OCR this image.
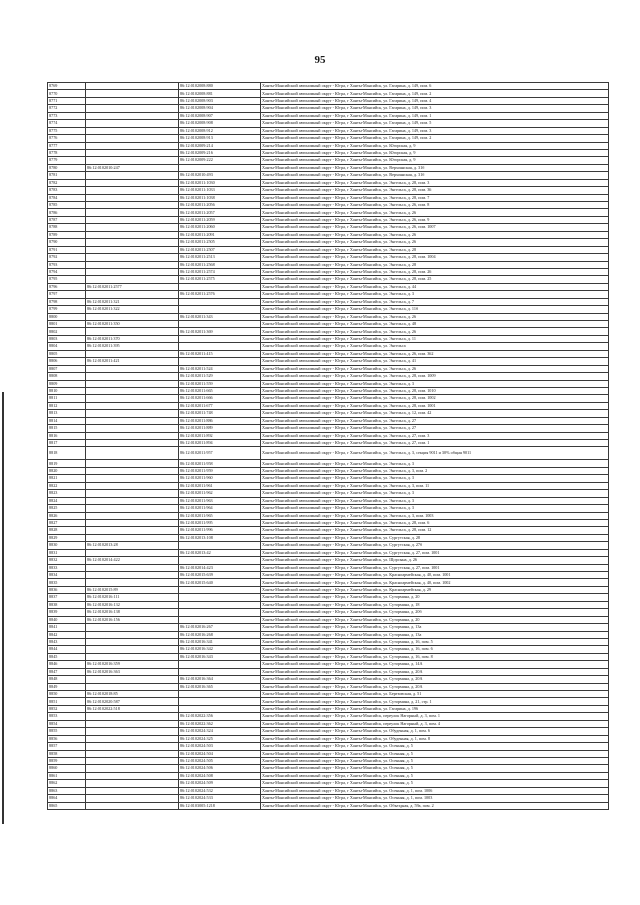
95
8769		86:12:0102008:880	Ханты-Мансийский автономный округ - Югра, г Ханты-Мансийск, ул. Гагарина, д. 149, пом. 6
8770		86:12:0102008:881	Ханты-Мансийский автономный округ - Югра, г Ханты-Мансийск, ул. Гагарина, д. 149, пом. 2
8771		86:12:0102008:903	Ханты-Мансийский автономный округ - Югра, г Ханты-Мансийск, ул. Гагарина, д. 149, пом. 4
8772		86:12:0102008:904	Ханты-Мансийский автономный округ - Югра, г Ханты-Мансийск, ул. Гагарина, д. 149, пом. 3
8773		86:12:0102008:907	Ханты-Мансийский автономный округ - Югра, г Ханты-Мансийск, ул. Гагарина, д. 149, пом. 1
8774		86:12:0102008:908	Ханты-Мансийский автономный округ - Югра, г Ханты-Мансийск, ул. Гагарина, д. 149, пом. 5
8775		86:12:0102008:912	Ханты-Мансийский автономный округ - Югра, г Ханты-Мансийск, ул. Гагарина, д. 149, пом. 3
8776		86:12:0102008:913	Ханты-Мансийский автономный округ - Югра, г Ханты-Мансийск, ул. Гагарина, д. 149, пом. 2
8777		86:12:0102009:214	Ханты-Мансийский автономный округ - Югра, г Ханты-Мансийск, ул. Югорская, д. 9
8778		86:12:0102009:216	Ханты-Мансийский автономный округ - Югра, г Ханты-Мансийск, ул. Югорская, д. 9
8779		86:12:0102009:222	Ханты-Мансийский автономный округ - Югра, г Ханты-Мансийск, ул. Югорская, д. 9
8780	86:12:0102010:247		Ханты-Мансийский автономный округ - Югра, г Ханты-Мансийск, ул. Верхоянская, д. 31б
8781		86:12:0102010:493	Ханты-Мансийский автономный округ - Югра, г Ханты-Мансийск, ул. Верхоянская, д. 31б
8782		86:12:0102011:1030	Ханты-Мансийский автономный округ - Югра, г Ханты-Мансийск, ул. Энгельса, д. 28, пом. 3
8783		86:12:0102011:1033	Ханты-Мансийский автономный округ - Югра, г Ханты-Мансийск, ул. Энгельса, д. 28, пом. 36
8784		86:12:0102011:1038	Ханты-Мансийский автономный округ - Югра, г Ханты-Мансийск, ул. Энгельса, д. 28, пом. 7
8785		86:12:0102011:2056	Ханты-Мансийский автономный округ - Югра, г Ханты-Мансийск, ул. Энгельса, д. 26, пом. 8
8786		86:12:0102011:2057	Ханты-Мансийский автономный округ - Югра, г Ханты-Мансийск, ул. Энгельса, д. 26
8787		86:12:0102011:2059	Ханты-Мансийский автономный округ - Югра, г Ханты-Мансийск, ул. Энгельса, д. 26, пом. 9
8788		86:12:0102011:2060	Ханты-Мансийский автономный округ - Югра, г Ханты-Мансийск, ул. Энгельса, д. 26, пом. 1007
8789		86:12:0102011:2091	Ханты-Мансийский автономный округ - Югра, г Ханты-Мансийск, ул. Энгельса, д. 26
8790		86:12:0102011:2505	Ханты-Мансийский автономный округ - Югра, г Ханты-Мансийск, ул. Энгельса, д. 26
8791		86:12:0102011:2507	Ханты-Мансийский автономный округ - Югра, г Ханты-Мансийск, ул. Энгельса, д. 28
8792		86:12:0102011:2513	Ханты-Мансийский автономный округ - Югра, г Ханты-Мансийск, ул. Энгельса, д. 28, пом. 1004
8793		86:12:0102011:2568	Ханты-Мансийский автономный округ - Югра, г Ханты-Мансийск, ул. Энгельса, д. 28
8794		86:12:0102011:2574	Ханты-Мансийский автономный округ - Югра, г Ханты-Мансийск, ул. Энгельса, д. 28, пом. 26
8795		86:12:0102011:2575	Ханты-Мансийский автономный округ - Югра, г Ханты-Мансийск, ул. Энгельса, д. 28, пом. 25
8796	86:12:0102011:2577		Ханты-Мансийский автономный округ - Югра, г Ханты-Мансийск, ул. Энгельса, д. 44
8797		86:12:0102011:2576	Ханты-Мансийский автономный округ - Югра, г Ханты-Мансийск, ул. Энгельса, д. 3
8798	86:12:0102011:321		Ханты-Мансийский автономный округ - Югра, г Ханты-Мансийск, ул. Энгельса, д. 7
8799	86:12:0102011:322		Ханты-Мансийский автономный округ - Югра, г Ханты-Мансийск, ул. Энгельса, д. 11б
8800		86:12:0102011:343	Ханты-Мансийский автономный округ - Югра, г Ханты-Мансийск, ул. Энгельса, д. 26
8801	86:12:0102011:350		Ханты-Мансийский автономный округ - Югра, г Ханты-Мансийск, ул. Энгельса, д. 48
8802		86:12:0102011:369	Ханты-Мансийский автономный округ - Югра, г Ханты-Мансийск, ул. Энгельса, д. 26
8803	86:12:0102011:370		Ханты-Мансийский автономный округ - Югра, г Ханты-Мансийск, ул. Энгельса, д. 11
8804	86:12:0102011:395		Ханты-Мансийский автономный округ - Югра, г Ханты-Мансийск, ул. Энгельса
8805		86:12:0102011:415	Ханты-Мансийский автономный округ - Югра, г Ханты-Мансийск, ул. Энгельса, д. 26, пом. 362
8806	86:12:0102011:421		Ханты-Мансийский автономный округ - Югра, г Ханты-Мансийск, ул. Энгельса, д. 41
8807		86:12:0102011:524	Ханты-Мансийский автономный округ - Югра, г Ханты-Мансийск, ул. Энгельса, д. 26
8808		86:12:0102011:529	Ханты-Мансийский автономный округ - Югра, г Ханты-Мансийск, ул. Энгельса, д. 28, пом. 1009
8809		86:12:0102011:559	Ханты-Мансийский автономный округ - Югра, г Ханты-Мансийск, ул. Энгельса, д. 3
8810		86:12:0102011:665	Ханты-Мансийский автономный округ - Югра, г Ханты-Мансийск, ул. Энгельса, д. 28, пом. 1010
8811		86:12:0102011:666	Ханты-Мансийский автономный округ - Югра, г Ханты-Мансийск, ул. Энгельса, д. 28, пом. 1002
8812		86:12:0102011:677	Ханты-Мансийский автономный округ - Югра, г Ханты-Мансийск, ул. Энгельса, д. 28, пом. 1001
8813		86:12:0102011:748	Ханты-Мансийский автономный округ - Югра, г Ханты-Мансийск, ул. Энгельса, д. 12, пом. 42
8814		86:12:0102011:886	Ханты-Мансийский автономный округ - Югра, г Ханты-Мансийск, ул. Энгельса, д. 27
8815		86:12:0102011:889	Ханты-Мансийский автономный округ - Югра, г Ханты-Мансийск, ул. Энгельса, д. 27
8816		86:12:0102011:892	Ханты-Мансийский автономный округ - Югра, г Ханты-Мансийск, ул. Энгельса, д. 27, пом. 3
8817		86:12:0102011:894	Ханты-Мансийский автономный округ - Югра, г Ханты-Мансийск, ул. Энгельса, д. 27, пом. 1
8818		86:12:0102011:957	Ханты-Мансийский автономный округ - Югра, г Ханты-Мансийск, ул. Энгельса, д. 3, секция 9011 и 30% общая 9011
8819		86:12:0102011:958	Ханты-Мансийский автономный округ - Югра, г Ханты-Мансийск, ул. Энгельса, д. 3
8820		86:12:0102011:959	Ханты-Мансийский автономный округ - Югра, г Ханты-Мансийск, ул. Энгельса, д. 3, пом. 2
8821		86:12:0102011:960	Ханты-Мансийский автономный округ - Югра, г Ханты-Мансийск, ул. Энгельса, д. 3
8822		86:12:0102011:961	Ханты-Мансийский автономный округ - Югра, г Ханты-Мансийск, ул. Энгельса, д. 3, пом. 11
8823		86:12:0102011:962	Ханты-Мансийский автономный округ - Югра, г Ханты-Мансийск, ул. Энгельса, д. 3
8824		86:12:0102011:963	Ханты-Мансийский автономный округ - Югра, г Ханты-Мансийск, ул. Энгельса, д. 3
8825		86:12:0102011:964	Ханты-Мансийский автономный округ - Югра, г Ханты-Мансийск, ул. Энгельса, д. 3
8826		86:12:0102011:965	Ханты-Мансийский автономный округ - Югра, г Ханты-Мансийск, ул. Энгельса, д. 3, пом. 1003
8827		86:12:0102011:995	Ханты-Мансийский автономный округ - Югра, г Ханты-Мансийск, ул. Энгельса, д. 28, пом. 6
8828		86:12:0102011:996	Ханты-Мансийский автономный округ - Югра, г Ханты-Мансийск, ул. Энгельса, д. 28, пом. 12
8829		86:12:0102013:108	Ханты-Мансийский автономный округ - Югра, г Ханты-Мансийск, ул. Сургутская, д. 28
8830	86:12:0102013:28		Ханты-Мансийский автономный округ - Югра, г Ханты-Мансийск, ул. Сургутская, д. 27б
8831		86:12:0102013:42	Ханты-Мансийский автономный округ - Югра, г Ханты-Мансийск, ул. Сургутская, д. 27, пом. 1001
8832	86:12:0102014:422		Ханты-Мансийский автономный округ - Югра, г Ханты-Мансийск, ул. Щорсына, д. 26
8833		86:12:0102014:423	Ханты-Мансийский автономный округ - Югра, г Ханты-Мансийск, ул. Сургутская, д. 27, пом. 1001
8834		86:12:0102015:639	Ханты-Мансийский автономный округ - Югра, г Ханты-Мансийск, ул. Красноармейская, д. 40, пом. 1001
8835		86:12:0102015:640	Ханты-Мансийский автономный округ - Югра, г Ханты-Мансийск, ул. Красноармейская, д. 40, пом. 1002
8836	86:12:0102015:89		Ханты-Мансийский автономный округ - Югра, г Ханты-Мансийск, ул. Красноармейская, д. 29
8837	86:12:0102016:111		Ханты-Мансийский автономный округ - Югра, г Ханты-Мансийск, ул. Сутормина, д. 20
8838	86:12:0102016:132		Ханты-Мансийский автономный округ - Югра, г Ханты-Мансийск, ул. Сутормина, д. 18
8839	86:12:0102016:138		Ханты-Мансийский автономный округ - Югра, г Ханты-Мансийск, ул. Сутормина, д. 20б
8840	86:12:0102016:156		Ханты-Мансийский автономный округ - Югра, г Ханты-Мансийск, ул. Сутормина, д. 20
8841		86:12:0102016:267	Ханты-Мансийский автономный округ - Югра, г Ханты-Мансийск, ул. Сутормина, д. 13а
8842		86:12:0102016:268	Ханты-Мансийский автономный округ - Югра, г Ханты-Мансийск, ул. Сутормина, д. 13а
8843		86:12:0102016:341	Ханты-Мансийский автономный округ - Югра, г Ханты-Мансийск, ул. Сутормина, д. 16, пом. 5
8844		86:12:0102016:342	Ханты-Мансийский автономный округ - Югра, г Ханты-Мансийск, ул. Сутормина, д. 16, пом. 6
8845		86:12:0102016:343	Ханты-Мансийский автономный округ - Югра, г Ханты-Мансийск, ул. Сутормина, д. 16, пом. 8
8846	86:12:0102016:359		Ханты-Мансийский автономный округ - Югра, г Ханты-Мансийск, ул. Сутормина, д. 14А
8847	86:12:0102016:363		Ханты-Мансийский автономный округ - Югра, г Ханты-Мансийск, ул. Сутормина, д. 20А
8848		86:12:0102016:364	Ханты-Мансийский автономный округ - Югра, г Ханты-Мансийск, ул. Сутормина, д. 20А
8849		86:12:0102016:365	Ханты-Мансийский автономный округ - Югра, г Ханты-Мансийск, ул. Сутормина, д. 20А
8850	86:12:0102018:85		Ханты-Мансийский автономный округ - Югра, г Ханты-Мансийск, ул. Березовская, д. 51
8851	86:12:0102020:587		Ханты-Мансийский автономный округ - Югра, г Ханты-Мансийск, ул. Сутормина, д. 21, стр. 1
8852	86:12:0102022:518		Ханты-Мансийский автономный округ - Югра, г Ханты-Мансийск, ул. Гагарина, д. 196
8853		86:12:0102022:356	Ханты-Мансийский автономный округ - Югра, г Ханты-Мансийск, переулок Нагорный, д. 3, пом. 1
8854		86:12:0102022:362	Ханты-Мансийский автономный округ - Югра, г Ханты-Мансийск, переулок Нагорный, д. 3, пом. 4
8855		86:12:0102024:324	Ханты-Мансийский автономный округ - Югра, г Ханты-Мансийск, ул. Обуденная, д. 1, пом. 6
8856		86:12:0102024:325	Ханты-Мансийский автономный округ - Югра, г Ханты-Мансийск, ул. Обуденная, д. 1, пом. 8
8857		86:12:0102024:503	Ханты-Мансийский автономный округ - Югра, г Ханты-Мансийск, ул. Осенняя, д. 5
8858		86:12:0102024:504	Ханты-Мансийский автономный округ - Югра, г Ханты-Мансийск, ул. Осенняя, д. 5
8859		86:12:0102024:505	Ханты-Мансийский автономный округ - Югра, г Ханты-Мансийск, ул. Осенняя, д. 5
8860		86:12:0102024:506	Ханты-Мансийский автономный округ - Югра, г Ханты-Мансийск, ул. Осенняя, д. 5
8861		86:12:0102024:508	Ханты-Мансийский автономный округ - Югра, г Ханты-Мансийск, ул. Осенняя, д. 5
8862		86:12:0102024:509	Ханты-Мансийский автономный округ - Югра, г Ханты-Мансийск, ул. Осенняя, д. 5
8863		86:12:0102024:532	Ханты-Мансийский автономный округ - Югра, г Ханты-Мансийск, ул. Осенняя, д. 1, пом. 1006
8864		86:12:0102024:533	Ханты-Мансийский автономный округ - Югра, г Ханты-Мансийск, ул. Осенняя, д. 1, пом. 1003
8865		86:12:0103005:1218	Ханты-Мансийский автономный округ - Югра, г Ханты-Мансийск, ул. Объездная, д. 59а, пом. 2
